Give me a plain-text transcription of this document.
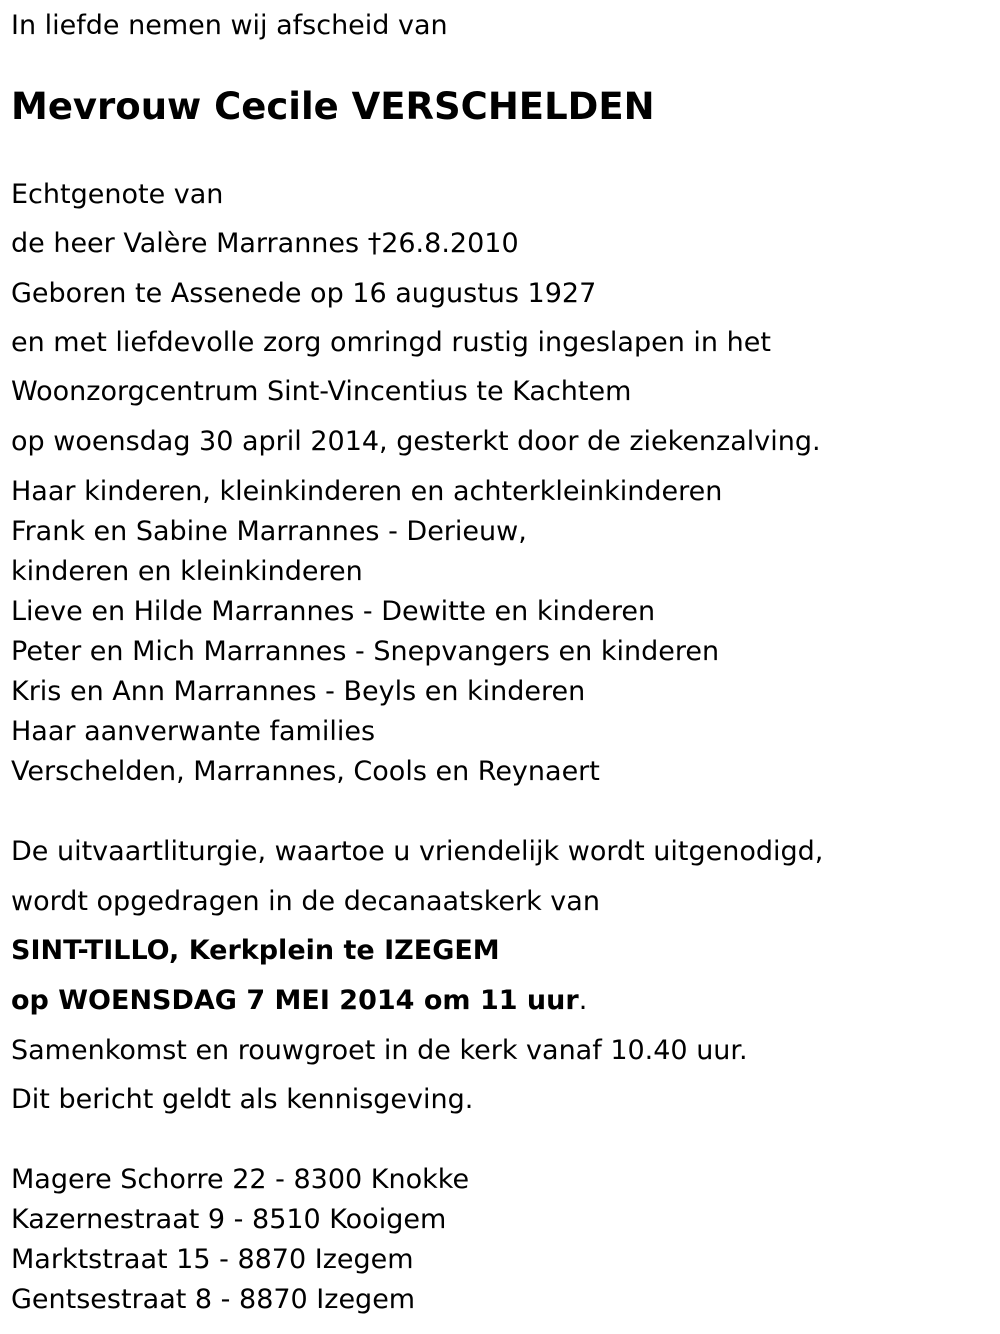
In liefde nemen wij afscheid van
Mevrouw Cecile VERSCHELDEN
Echtgenote van
de heer Valère Marrannes †26.8.2010
Geboren te Assenede op 16 augustus 1927
en met liefdevolle zorg omringd rustig ingeslapen in het
Woonzorgcentrum Sint-Vincentius te Kachtem
op woensdag 30 april 2014, gesterkt door de ziekenzalving.
Haar kinderen, kleinkinderen en achterkleinkinderen
Frank en Sabine Marrannes - Derieuw,
kinderen en kleinkinderen
Lieve en Hilde Marrannes - Dewitte en kinderen
Peter en Mich Marrannes - Snepvangers en kinderen
Kris en Ann Marrannes - Beyls en kinderen
Haar aanverwante families
Verschelden, Marrannes, Cools en Reynaert
De uitvaartliturgie, waartoe u vriendelijk wordt uitgenodigd,
wordt opgedragen in de decanaatskerk van
SINT-TILLO, Kerkplein te IZEGEM
op WOENSDAG 7 MEI 2014 om 11 uur.
Samenkomst en rouwgroet in de kerk vanaf 10.40 uur.
Dit bericht geldt als kennisgeving.
Magere Schorre 22 - 8300 Knokke
Kazernestraat 9 - 8510 Kooigem
Marktstraat 15 - 8870 Izegem
Gentsestraat 8 - 8870 Izegem
